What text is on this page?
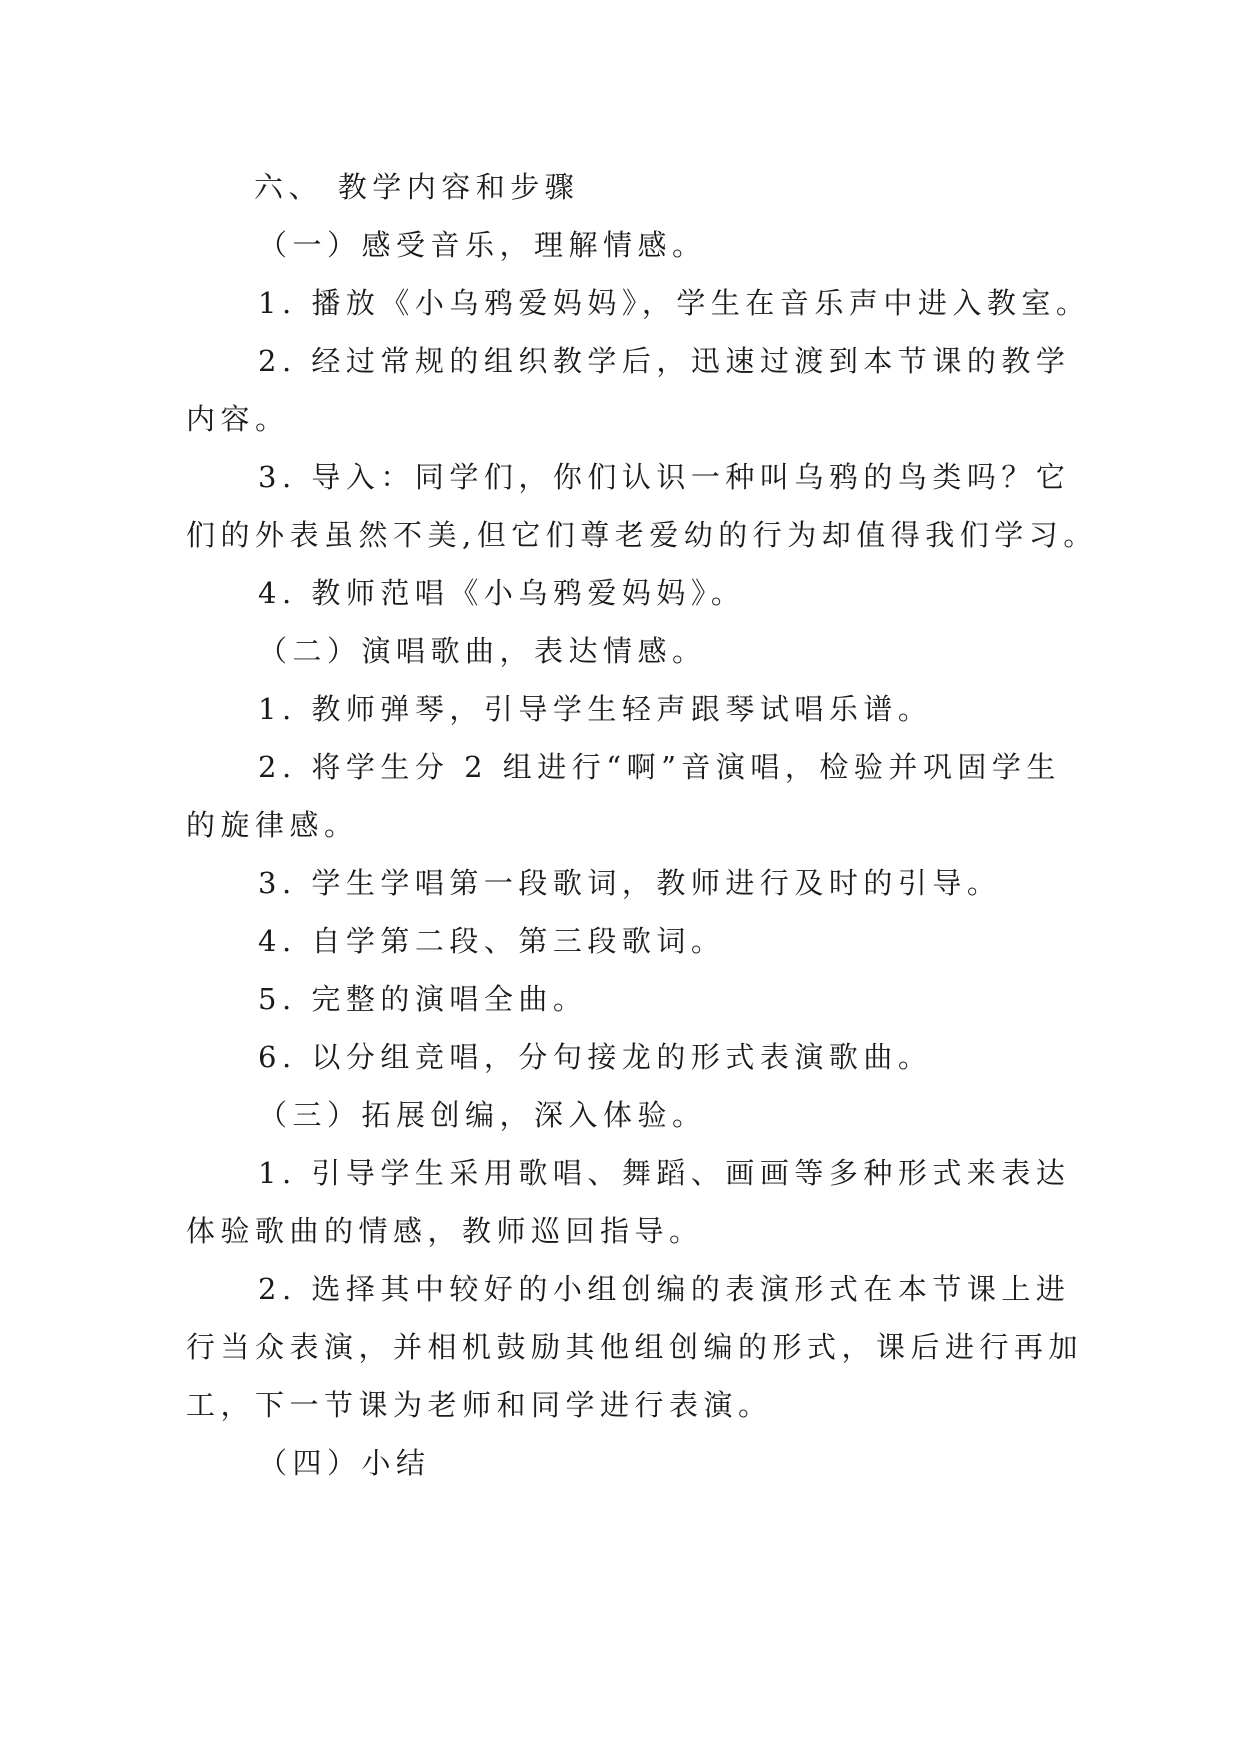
六、 教学内容和步骤

（一）感受音乐，理解情感。

1. 播放《小乌鸦爱妈妈》，学生在音乐声中进入教室。

2. 经过常规的组织教学后，迅速过渡到本节课的教学

内容。

3. 导入：同学们，你们认识一种叫乌鸦的鸟类吗？它

们的外表虽然不美,但它们尊老爱幼的行为却值得我们学习。

4. 教师范唱《小乌鸦爱妈妈》。

（二）演唱歌曲，表达情感。

1. 教师弹琴，引导学生轻声跟琴试唱乐谱。

2. 将学生分 2 组进行“啊”音演唱，检验并巩固学生

的旋律感。

3. 学生学唱第一段歌词，教师进行及时的引导。

4. 自学第二段、第三段歌词。

5. 完整的演唱全曲。

6. 以分组竞唱，分句接龙的形式表演歌曲。

（三）拓展创编，深入体验。

1. 引导学生采用歌唱、舞蹈、画画等多种形式来表达

体验歌曲的情感，教师巡回指导。

2. 选择其中较好的小组创编的表演形式在本节课上进

行当众表演，并相机鼓励其他组创编的形式，课后进行再加

工，下一节课为老师和同学进行表演。

（四）小结
